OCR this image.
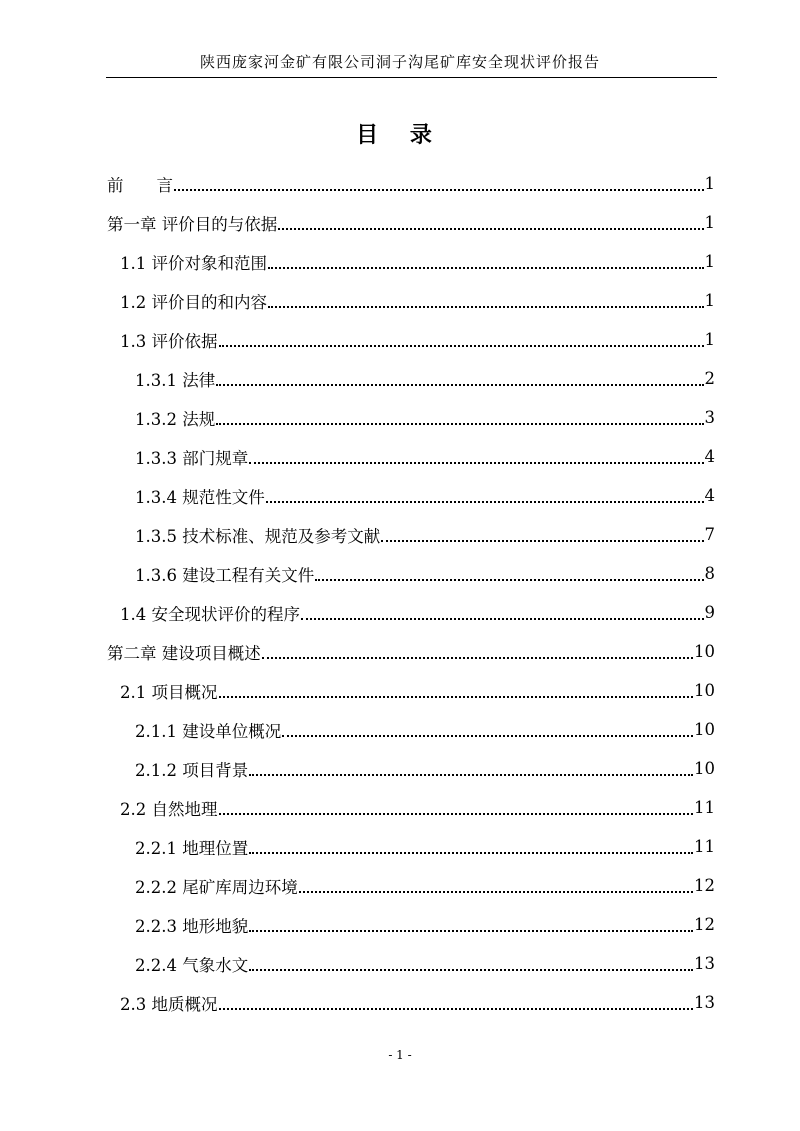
陕西庞家河金矿有限公司洞子沟尾矿库安全现状评价报告
目 录
前　　言	1
第一章 评价目的与依据	1
1.1 评价对象和范围	1
1.2 评价目的和内容	1
1.3 评价依据	1
1.3.1 法律	2
1.3.2 法规	3
1.3.3 部门规章	4
1.3.4 规范性文件	4
1.3.5 技术标准、规范及参考文献	7
1.3.6 建设工程有关文件	8
1.4 安全现状评价的程序	9
第二章 建设项目概述	10
2.1 项目概况	10
2.1.1 建设单位概况	10
2.1.2 项目背景	10
2.2 自然地理	11
2.2.1 地理位置	11
2.2.2 尾矿库周边环境	12
2.2.3 地形地貌	12
2.2.4 气象水文	13
2.3 地质概况	13
- 1 -
